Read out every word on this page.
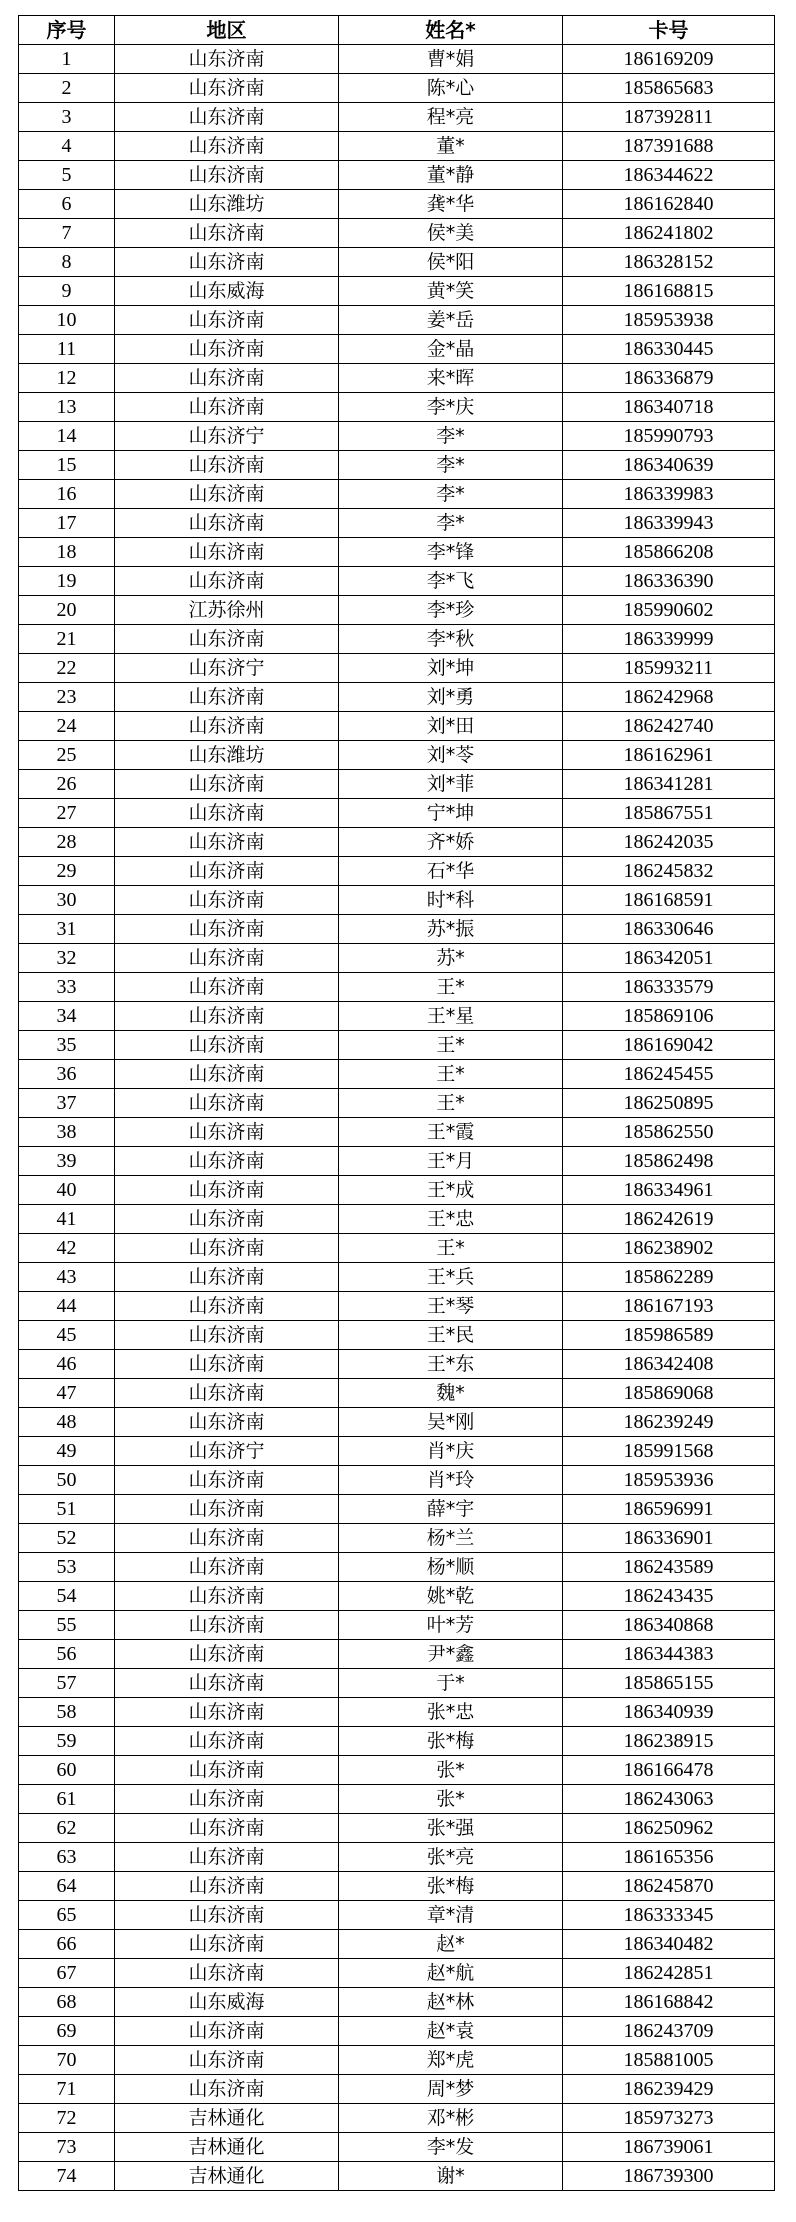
序号	地区	姓名*	卡号
1	山东济南	曹*娟	186169209
2	山东济南	陈*心	185865683
3	山东济南	程*亮	187392811
4	山东济南	董*	187391688
5	山东济南	董*静	186344622
6	山东潍坊	龚*华	186162840
7	山东济南	侯*美	186241802
8	山东济南	侯*阳	186328152
9	山东威海	黄*笑	186168815
10	山东济南	姜*岳	185953938
11	山东济南	金*晶	186330445
12	山东济南	来*晖	186336879
13	山东济南	李*庆	186340718
14	山东济宁	李*	185990793
15	山东济南	李*	186340639
16	山东济南	李*	186339983
17	山东济南	李*	186339943
18	山东济南	李*锋	185866208
19	山东济南	李*飞	186336390
20	江苏徐州	李*珍	185990602
21	山东济南	李*秋	186339999
22	山东济宁	刘*坤	185993211
23	山东济南	刘*勇	186242968
24	山东济南	刘*田	186242740
25	山东潍坊	刘*苓	186162961
26	山东济南	刘*菲	186341281
27	山东济南	宁*坤	185867551
28	山东济南	齐*娇	186242035
29	山东济南	石*华	186245832
30	山东济南	时*科	186168591
31	山东济南	苏*振	186330646
32	山东济南	苏*	186342051
33	山东济南	王*	186333579
34	山东济南	王*星	185869106
35	山东济南	王*	186169042
36	山东济南	王*	186245455
37	山东济南	王*	186250895
38	山东济南	王*霞	185862550
39	山东济南	王*月	185862498
40	山东济南	王*成	186334961
41	山东济南	王*忠	186242619
42	山东济南	王*	186238902
43	山东济南	王*兵	185862289
44	山东济南	王*琴	186167193
45	山东济南	王*民	185986589
46	山东济南	王*东	186342408
47	山东济南	魏*	185869068
48	山东济南	吴*刚	186239249
49	山东济宁	肖*庆	185991568
50	山东济南	肖*玲	185953936
51	山东济南	薛*宇	186596991
52	山东济南	杨*兰	186336901
53	山东济南	杨*顺	186243589
54	山东济南	姚*乾	186243435
55	山东济南	叶*芳	186340868
56	山东济南	尹*鑫	186344383
57	山东济南	于*	185865155
58	山东济南	张*忠	186340939
59	山东济南	张*梅	186238915
60	山东济南	张*	186166478
61	山东济南	张*	186243063
62	山东济南	张*强	186250962
63	山东济南	张*亮	186165356
64	山东济南	张*梅	186245870
65	山东济南	章*清	186333345
66	山东济南	赵*	186340482
67	山东济南	赵*航	186242851
68	山东威海	赵*林	186168842
69	山东济南	赵*袁	186243709
70	山东济南	郑*虎	185881005
71	山东济南	周*梦	186239429
72	吉林通化	邓*彬	185973273
73	吉林通化	李*发	186739061
74	吉林通化	谢*	186739300
